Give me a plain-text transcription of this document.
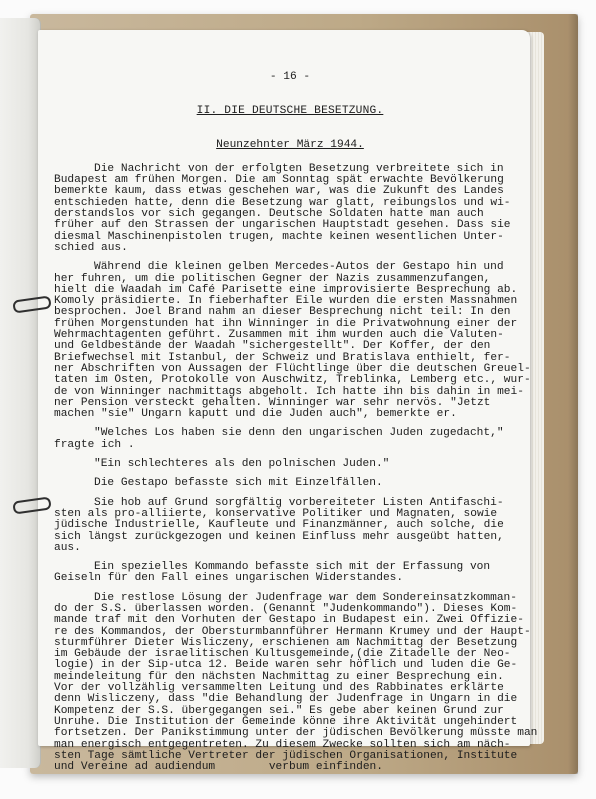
- 16 -
II. DIE DEUTSCHE BESETZUNG.
Neunzehnter März 1944.
Die Nachricht von der erfolgten Besetzung verbreitete sich in
Budapest am frühen Morgen. Die am Sonntag spät erwachte Bevölkerung
bemerkte kaum, dass etwas geschehen war, was die Zukunft des Landes
entschieden hatte, denn die Besetzung war glatt, reibungslos und wi-
derstandslos vor sich gegangen. Deutsche Soldaten hatte man auch
früher auf den Strassen der ungarischen Hauptstadt gesehen. Dass sie
diesmal Maschinenpistolen trugen, machte keinen wesentlichen Unter-
schied aus.
Während die kleinen gelben Mercedes-Autos der Gestapo hin und
her fuhren, um die politischen Gegner der Nazis zusammenzufangen,
hielt die Waadah im Café Parisette eine improvisierte Besprechung ab.
Komoly präsidierte. In fieberhafter Eile wurden die ersten Massnahmen
besprochen. Joel Brand nahm an dieser Besprechung nicht teil: In den
frühen Morgenstunden hat ihn Winninger in die Privatwohnung einer der
Wehrmachtagenten geführt. Zusammen mit ihm wurden auch die Valuten-
und Geldbestände der Waadah "sichergestellt". Der Koffer, der den
Briefwechsel mit Istanbul, der Schweiz und Bratislava enthielt, fer-
ner Abschriften von Aussagen der Flüchtlinge über die deutschen Greuel-
taten im Osten, Protokolle von Auschwitz, Treblinka, Lemberg etc., wur-
de von Winninger nachmittags abgeholt. Ich hatte ihn bis dahin in mei-
ner Pension versteckt gehalten. Winninger war sehr nervös. "Jetzt
machen "sie" Ungarn kaputt und die Juden auch", bemerkte er.
"Welches Los haben sie denn den ungarischen Juden zugedacht,"
fragte ich .
"Ein schlechteres als den polnischen Juden."
Die Gestapo befasste sich mit Einzelfällen.
Sie hob auf Grund sorgfältig vorbereiteter Listen Antifaschi-
sten als pro-alliierte, konservative Politiker und Magnaten, sowie
jüdische Industrielle, Kaufleute und Finanzmänner, auch solche, die
sich längst zurückgezogen und keinen Einfluss mehr ausgeübt hatten,
aus.
Ein spezielles Kommando befasste sich mit der Erfassung von
Geiseln für den Fall eines ungarischen Widerstandes.
Die restlose Lösung der Judenfrage war dem Sondereinsatzkomman-
do der S.S. überlassen worden. (Genannt "Judenkommando"). Dieses Kom-
mande traf mit den Vorhuten der Gestapo in Budapest ein. Zwei Offizie-
re des Kommandos, der Obersturmbannführer Hermann Krumey und der Haupt-
sturmführer Dieter Wisliczeny, erschienen am Nachmittag der Besetzung
im Gebäude der israelitischen Kultusgemeinde,(die Zitadelle der Neo-
logie) in der Sip-utca 12. Beide waren sehr höflich und luden die Ge-
meindeleitung für den nächsten Nachmittag zu einer Besprechung ein.
Vor der vollzählig versammelten Leitung und des Rabbinates erklärte
denn Wisliczeny, dass "die Behandlung der Judenfrage in Ungarn in die
Kompetenz der S.S. übergegangen sei." Es gebe aber keinen Grund zur
Unruhe. Die Institution der Gemeinde könne ihre Aktivität ungehindert
fortsetzen. Der Panikstimmung unter der jüdischen Bevölkerung müsste man
man energisch entgegentreten. Zu diesem Zwecke sollten sich am näch-
sten Tage sämtliche Vertreter der jüdischen Organisationen, Institute
und Vereine ad audiendum        verbum einfinden.
